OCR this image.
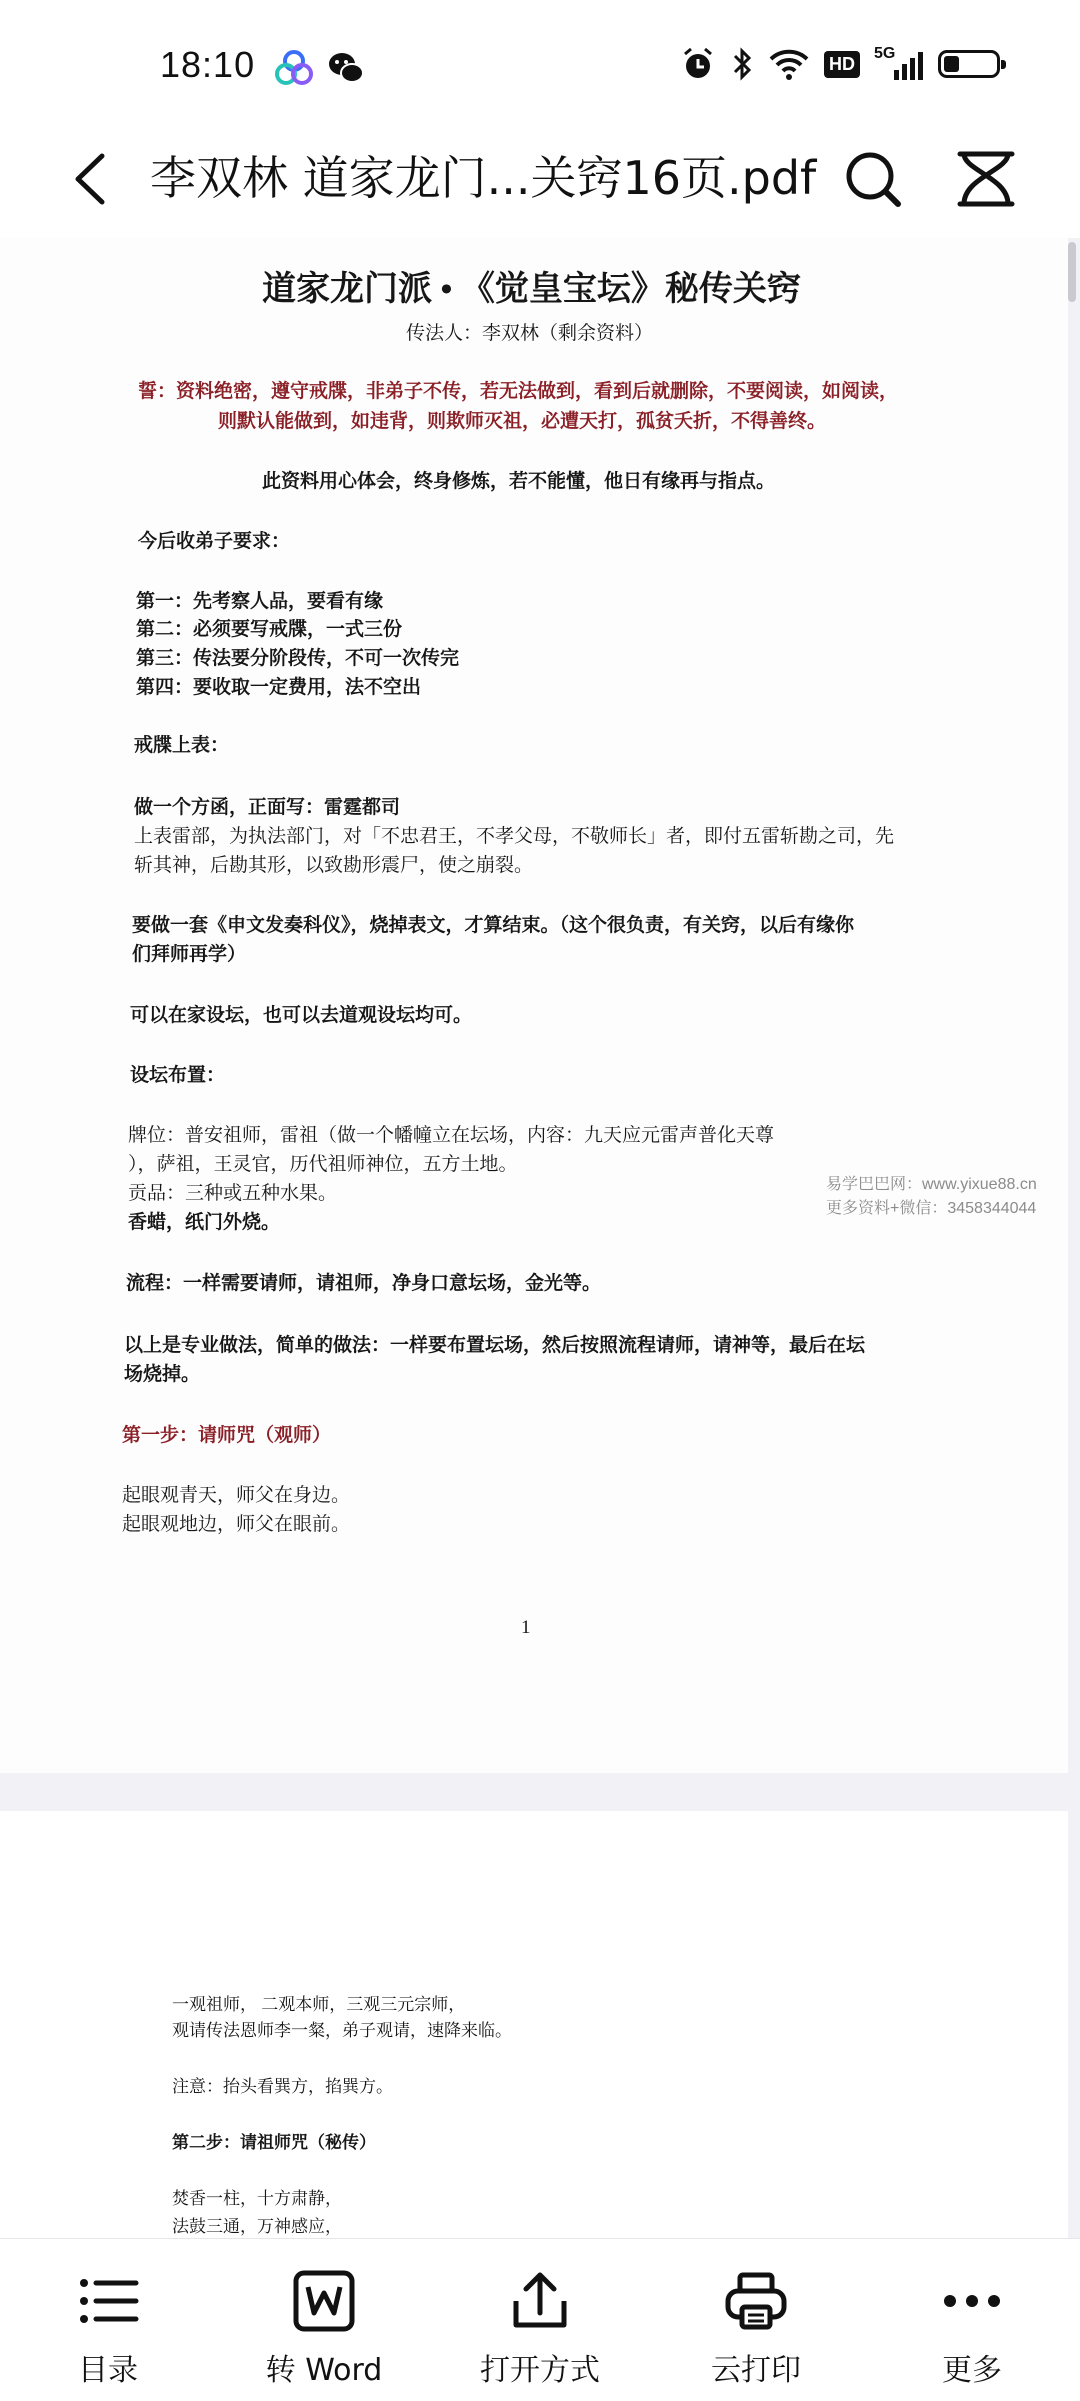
18:10	HD	5G
李双林 道家龙门...关窍16页.pdf
道家龙门派 • 《觉皇宝坛》秘传关窍
传法人：李双林（剩余资料）
誓：资料绝密，遵守戒牒，非弟子不传，若无法做到，看到后就删除，不要阅读，如阅读，
则默认能做到，如违背，则欺师灭祖，必遭天打，孤贫夭折，不得善终。
此资料用心体会，终身修炼，若不能懂，他日有缘再与指点。
今后收弟子要求：
第一：先考察人品，要看有缘
第二：必须要写戒牒，一式三份
第三：传法要分阶段传，不可一次传完
第四：要收取一定费用，法不空出
戒牒上表：
做一个方函，正面写：雷霆都司
上表雷部，为执法部门，对「不忠君王，不孝父母，不敬师长」者，即付五雷斩勘之司，先
斩其神，后勘其形，以致勘形震尸，使之崩裂。
要做一套《申文发奏科仪》，烧掉表文，才算结束。（这个很负责，有关窍，以后有缘你
们拜师再学）
可以在家设坛，也可以去道观设坛均可。
设坛布置：
牌位：普安祖师，雷祖（做一个幡幢立在坛场，内容：九天应元雷声普化天尊
），萨祖，王灵官，历代祖师神位，五方土地。
贡品：三种或五种水果。
香蜡，纸门外烧。
流程：一样需要请师，请祖师，净身口意坛场，金光等。
以上是专业做法，简单的做法：一样要布置坛场，然后按照流程请师，请神等，最后在坛
场烧掉。
第一步：请师咒（观师）
起眼观青天，师父在身边。
起眼观地边，师父在眼前。
1
易学巴巴网：www.yixue88.cn
更多资料+微信：3458344044
一观祖师， 二观本师，三观三元宗师，
观请传法恩师李一粲，弟子观请，速降来临。
注意：抬头看巽方，掐巽方。
第二步：请祖师咒（秘传）
焚香一柱，十方肃静，
法鼓三通，万神感应，
目录	转 Word	打开方式	云打印	更多
